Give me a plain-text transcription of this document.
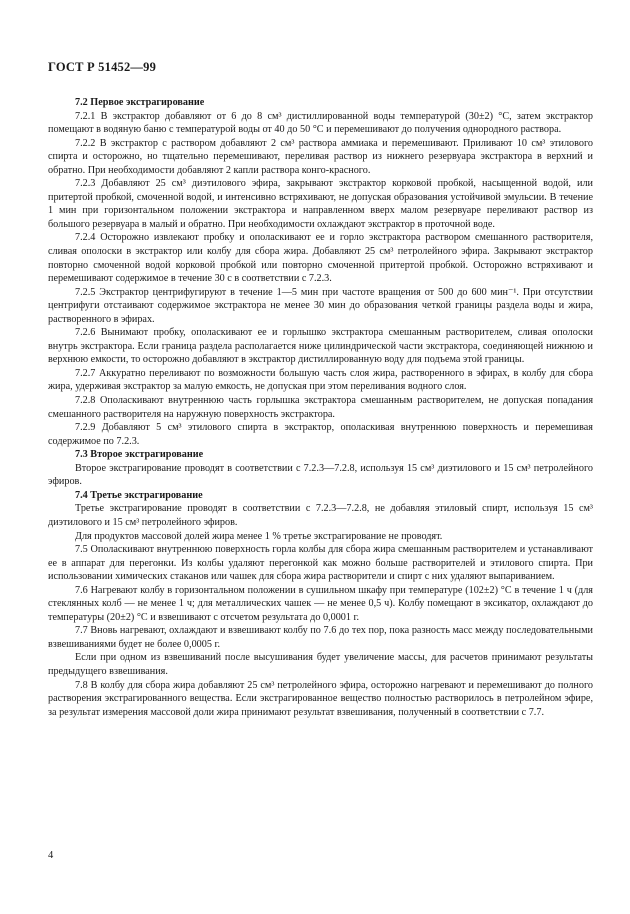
ГОСТ Р 51452—99

7.2 Первое экстрагирование

7.2.1 В экстрактор добавляют от 6 до 8 см³ дистиллированной воды температурой (30±2) °С, затем экстрактор помещают в водяную баню с температурой воды от 40 до 50 °С и перемешивают до получения однородного раствора.

7.2.2 В экстрактор с раствором добавляют 2 см³ раствора аммиака и перемешивают. Приливают 10 см³ этилового спирта и осторожно, но тщательно перемешивают, переливая раствор из нижнего резервуара экстрактора в верхний и обратно. При необходимости добавляют 2 капли раствора конго-красного.

7.2.3 Добавляют 25 см³ диэтилового эфира, закрывают экстрактор корковой пробкой, насыщенной водой, или притертой пробкой, смоченной водой, и интенсивно встряхивают, не допуская образования устойчивой эмульсии. В течение 1 мин при горизонтальном положении экстрактора и направленном вверх малом резервуаре переливают раствор из большого резервуара в малый и обратно. При необходимости охлаждают экстрактор в проточной воде.

7.2.4 Осторожно извлекают пробку и ополаскивают ее и горло экстрактора раствором смешанного растворителя, сливая ополоски в экстрактор или колбу для сбора жира. Добавляют 25 см³ петролейного эфира. Закрывают экстрактор повторно смоченной водой корковой пробкой или повторно смоченной притертой пробкой. Осторожно встряхивают и перемешивают содержимое в течение 30 с в соответствии с 7.2.3.

7.2.5 Экстрактор центрифугируют в течение 1—5 мин при частоте вращения от 500 до 600 мин⁻¹. При отсутствии центрифуги отстаивают содержимое экстрактора не менее 30 мин до образования четкой границы раздела воды и жира, растворенного в эфирах.

7.2.6 Вынимают пробку, ополаскивают ее и горлышко экстрактора смешанным растворителем, сливая ополоски внутрь экстрактора. Если граница раздела располагается ниже цилиндрической части экстрактора, соединяющей нижнюю и верхнюю емкости, то осторожно добавляют в экстрактор дистиллированную воду для подъема этой границы.

7.2.7 Аккуратно переливают по возможности большую часть слоя жира, растворенного в эфирах, в колбу для сбора жира, удерживая экстрактор за малую емкость, не допуская при этом переливания водного слоя.

7.2.8 Ополаскивают внутреннюю часть горлышка экстрактора смешанным растворителем, не допуская попадания смешанного растворителя на наружную поверхность экстрактора.

7.2.9 Добавляют 5 см³ этилового спирта в экстрактор, ополаскивая внутреннюю поверхность и перемешивая содержимое по 7.2.3.

7.3 Второе экстрагирование

Второе экстрагирование проводят в соответствии с 7.2.3—7.2.8, используя 15 см³ диэтилового и 15 см³ петролейного эфиров.

7.4 Третье экстрагирование

Третье экстрагирование проводят в соответствии с 7.2.3—7.2.8, не добавляя этиловый спирт, используя 15 см³ диэтилового и 15 см³ петролейного эфиров.

Для продуктов массовой долей жира менее 1 % третье экстрагирование не проводят.

7.5 Ополаскивают внутреннюю поверхность горла колбы для сбора жира смешанным растворителем и устанавливают ее в аппарат для перегонки. Из колбы удаляют перегонкой как можно больше растворителей и этилового спирта. При использовании химических стаканов или чашек для сбора жира растворители и спирт с них удаляют выпариванием.

7.6 Нагревают колбу в горизонтальном положении в сушильном шкафу при температуре (102±2) °С в течение 1 ч (для стеклянных колб — не менее 1 ч; для металлических чашек — не менее 0,5 ч). Колбу помещают в эксикатор, охлаждают до температуры (20±2) °С и взвешивают с отсчетом результата до 0,0001 г.

7.7 Вновь нагревают, охлаждают и взвешивают колбу по 7.6 до тех пор, пока разность масс между последовательными взвешиваниями будет не более 0,0005 г.

Если при одном из взвешиваний после высушивания будет увеличение массы, для расчетов принимают результаты предыдущего взвешивания.

7.8 В колбу для сбора жира добавляют 25 см³ петролейного эфира, осторожно нагревают и перемешивают до полного растворения экстрагированного вещества. Если экстрагированное вещество полностью растворилось в петролейном эфире, за результат измерения массовой доли жира принимают результат взвешивания, полученный в соответствии с 7.7.

4
